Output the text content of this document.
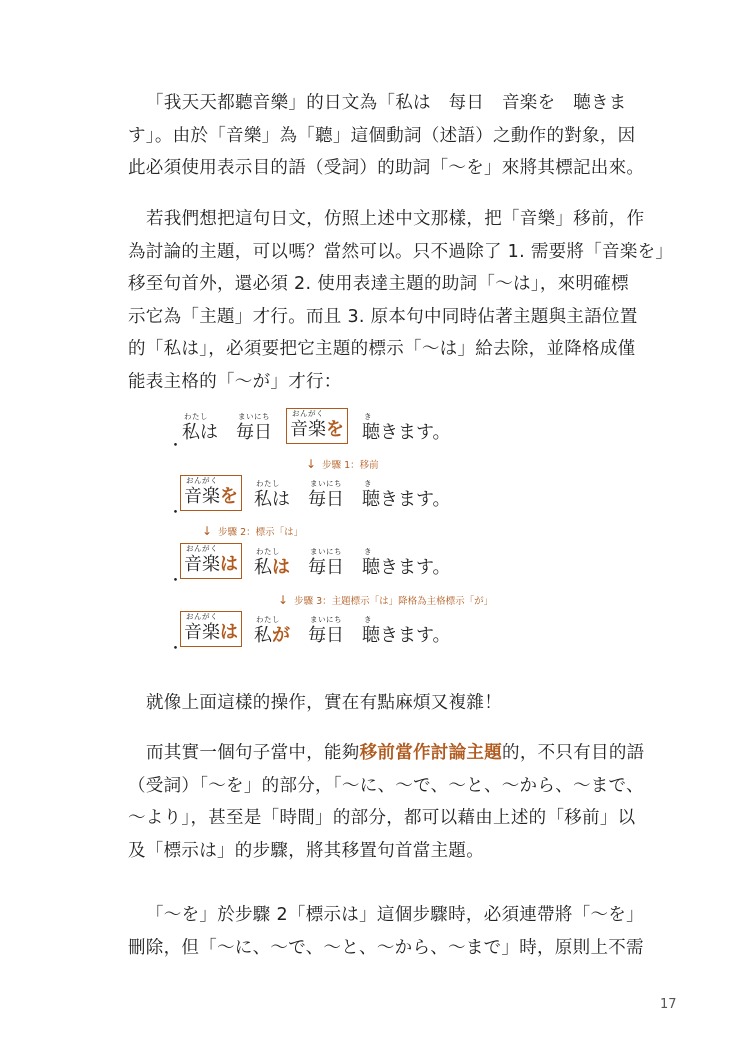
「我天天都聽音樂」的日文為「私は　每日　音楽を　聴きま
す」。由於「音樂」為「聽」這個動詞（述語）之動作的對象，因
此必須使用表示目的語（受詞）的助詞「～を」來將其標記出來。
若我們想把這句日文，仿照上述中文那樣，把「音樂」移前，作
為討論的主題，可以嗎？當然可以。只不過除了 1. 需要將「音楽を」
移至句首外，還必須 2. 使用表達主題的助詞「～は」，來明確標
示它為「主題」才行。而且 3. 原本句中同時佔著主題與主語位置
的「私は」，必須要把它主題的標示「～は」給去除，並降格成僅
能表主格的「～が」才行：
・
わたし
私は
まいにち
毎日
おんがく
音楽を
き
聴きます。
↓ 步驟 1：移前
・
おんがく
音楽を
わたし
私は
まいにち
毎日
き
聴きます。
↓ 步驟 2：標示「は」
・
おんがく
音楽は
わたし
私は
まいにち
毎日
き
聴きます。
↓ 步驟 3：主題標示「は」降格為主格標示「が」
・
おんがく
音楽は
わたし
私が
まいにち
毎日
き
聴きます。
就像上面這樣的操作，實在有點麻煩又複雜！
而其實一個句子當中，能夠移前當作討論主題的，不只有目的語
（受詞）「～を」的部分，「～に、～で、～と、～から、～まで、
～より」，甚至是「時間」的部分，都可以藉由上述的「移前」以
及「標示は」的步驟，將其移置句首當主題。
「～を」於步驟 2「標示は」這個步驟時，必須連帶將「～を」
刪除，但「～に、～で、～と、～から、～まで」時，原則上不需
17
